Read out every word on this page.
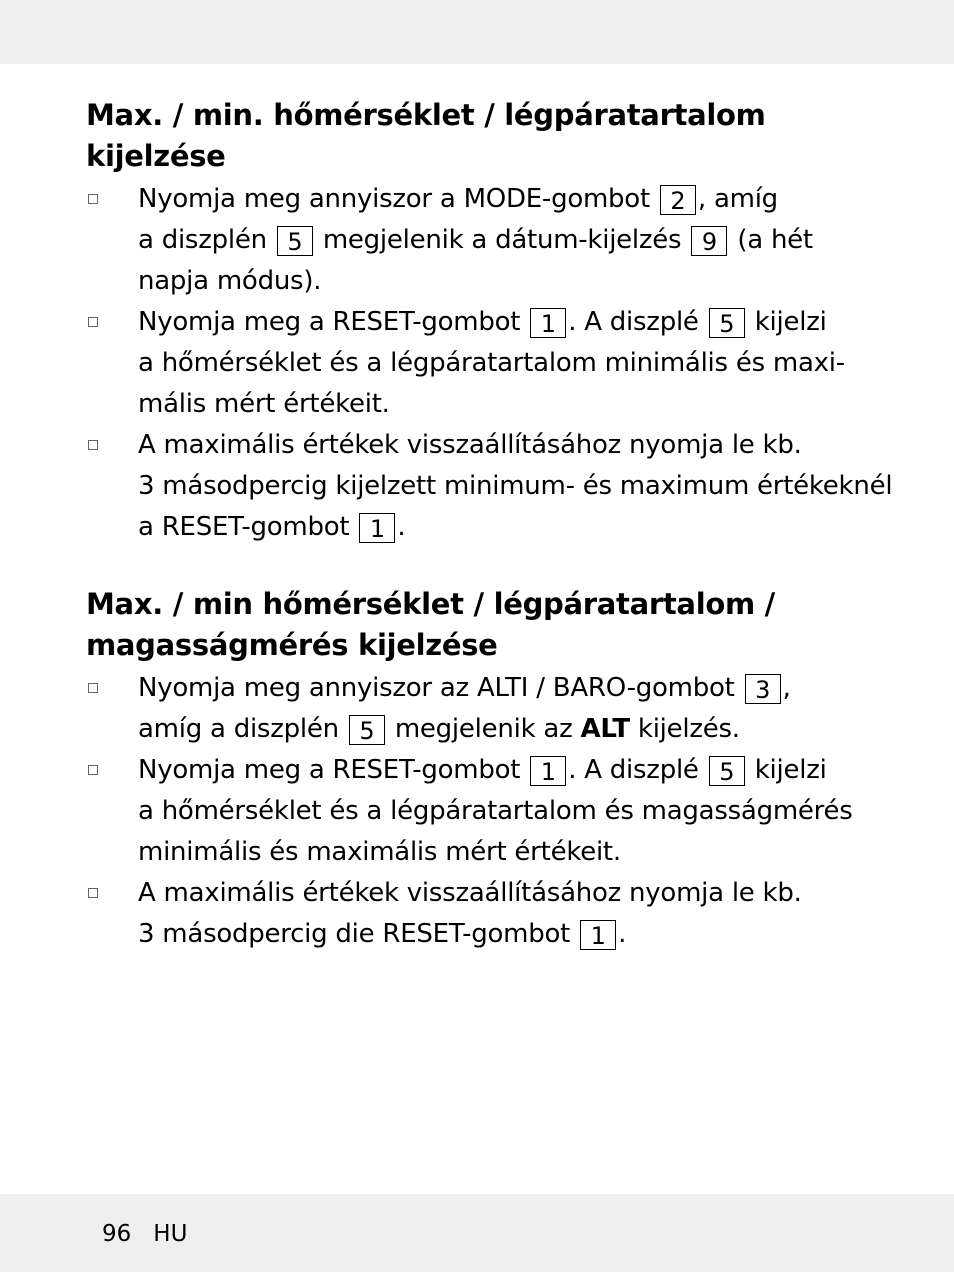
Max. / min. hőmérséklet / légpáratartalom
kijelzése
Nyomja meg annyiszor a MODE-gombot 2 , amíg
a diszplén 5 megjelenik a dátum-kijelzés 9 (a hét
napja módus).
Nyomja meg a RESET-gombot 1 . A diszplé 5 kijelzi
a hőmérséklet és a légpáratartalom minimális és maxi-
mális mért értékeit.
A maximális értékek visszaállításához nyomja le kb.
3 másodpercig kijelzett minimum- és maximum értékeknél
a RESET-gombot 1 .
Max. / min hőmérséklet / légpáratartalom /
magasságmérés kijelzése
Nyomja meg annyiszor az ALTI / BARO-gombot 3 ,
amíg a diszplén 5 megjelenik az ALT kijelzés.
Nyomja meg a RESET-gombot 1 . A diszplé 5 kijelzi
a hőmérséklet és a légpáratartalom és magasságmérés
minimális és maximális mért értékeit.
A maximális értékek visszaállításához nyomja le kb.
3 másodpercig die RESET-gombot 1 .
96 HU
